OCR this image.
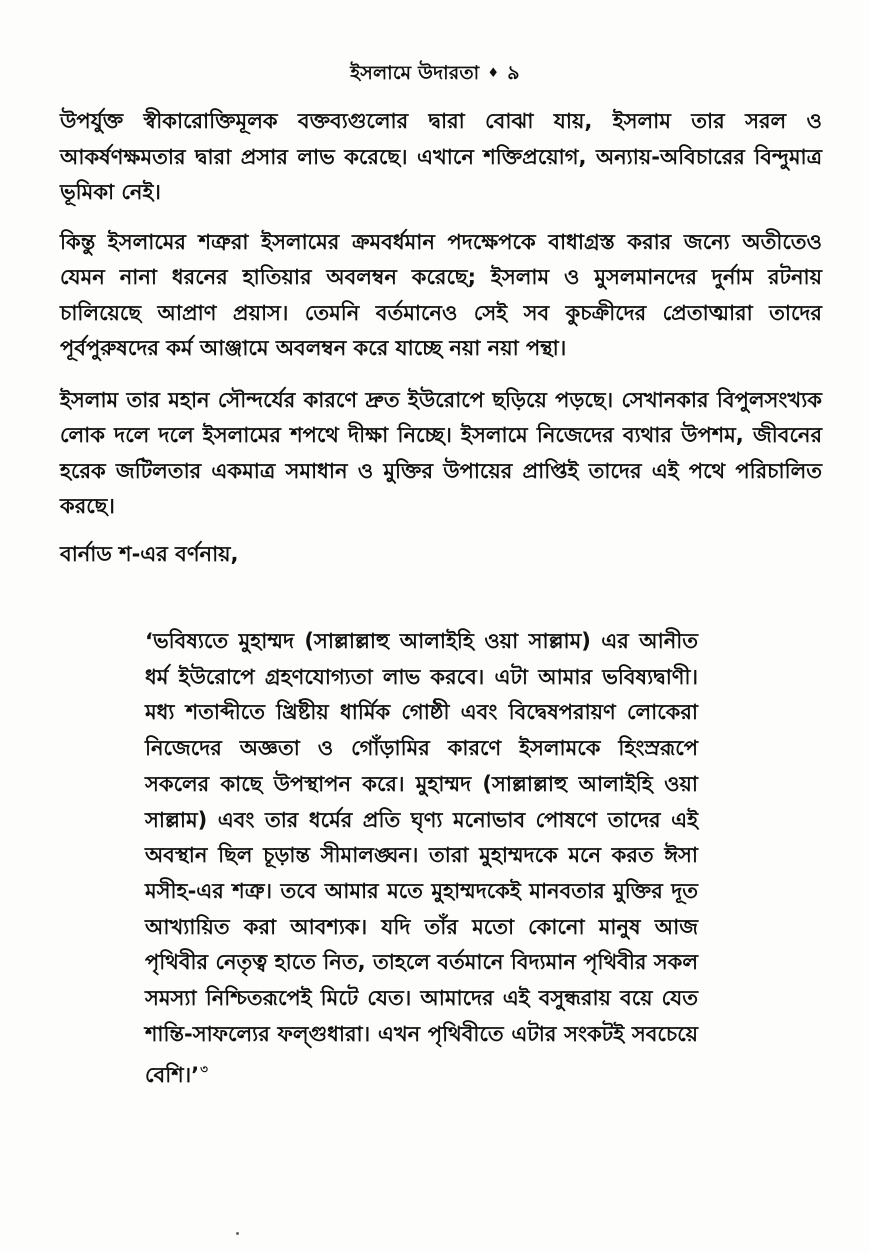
ইসলামে উদারতা ♦ ৯

উপর্যুক্ত স্বীকারোক্তিমূলক বক্তব্যগুলোর দ্বারা বোঝা যায়, ইসলাম তার সরল ও আকর্ষণক্ষমতার দ্বারা প্রসার লাভ করেছে। এখানে শক্তিপ্রয়োগ, অন্যায়-অবিচারের বিন্দুমাত্র ভূমিকা নেই।

কিন্তু ইসলামের শত্রুরা ইসলামের ক্রমবর্ধমান পদক্ষেপকে বাধাগ্রস্ত করার জন্যে অতীতেও যেমন নানা ধরনের হাতিয়ার অবলম্বন করেছে; ইসলাম ও মুসলমানদের দুর্নাম রটনায় চালিয়েছে আপ্রাণ প্রয়াস। তেমনি বর্তমানেও সেই সব কুচক্রীদের প্রেতাত্মারা তাদের পূর্বপুরুষদের কর্ম আঞ্জামে অবলম্বন করে যাচ্ছে নয়া নয়া পন্থা।

ইসলাম তার মহান সৌন্দর্যের কারণে দ্রুত ইউরোপে ছড়িয়ে পড়ছে। সেখানকার বিপুলসংখ্যক লোক দলে দলে ইসলামের শপথে দীক্ষা নিচ্ছে। ইসলামে নিজেদের ব্যথার উপশম, জীবনের হরেক জটিলতার একমাত্র সমাধান ও মুক্তির উপায়ের প্রাপ্তিই তাদের এই পথে পরিচালিত করছে।

বার্নাড শ-এর বর্ণনায়,

‘ভবিষ্যতে মুহাম্মদ (সাল্লাল্লাহু আলাইহি ওয়া সাল্লাম) এর আনীত ধর্ম ইউরোপে গ্রহণযোগ্যতা লাভ করবে। এটা আমার ভবিষ্যদ্বাণী। মধ্য শতাব্দীতে খ্রিষ্টীয় ধার্মিক গোষ্ঠী এবং বিদ্বেষপরায়ণ লোকেরা নিজেদের অজ্ঞতা ও গোঁড়ামির কারণে ইসলামকে হিংস্ররূপে সকলের কাছে উপস্থাপন করে। মুহাম্মদ (সাল্লাল্লাহু আলাইহি ওয়া সাল্লাম) এবং তার ধর্মের প্রতি ঘৃণ্য মনোভাব পোষণে তাদের এই অবস্থান ছিল চূড়ান্ত সীমালঙ্ঘন। তারা মুহাম্মদকে মনে করত ঈসা মসীহ-এর শত্রু। তবে আমার মতে মুহাম্মদকেই মানবতার মুক্তির দূত আখ্যায়িত করা আবশ্যক। যদি তাঁর মতো কোনো মানুষ আজ পৃথিবীর নেতৃত্ব হাতে নিত, তাহলে বর্তমানে বিদ্যমান পৃথিবীর সকল সমস্যা নিশ্চিতরূপেই মিটে যেত। আমাদের এই বসুন্ধরায় বয়ে যেত শান্তি-সাফল্যের ফল্গুধারা। এখন পৃথিবীতে এটার সংকটই সবচেয়ে বেশি।’$^৩$
